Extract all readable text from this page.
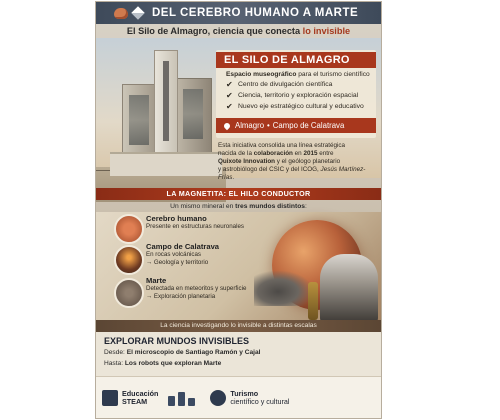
DEL CEREBRO HUMANO A MARTE
El Silo de Almagro, ciencia que conecta lo invisible
EL SILO DE ALMAGRO
Espacio museográfico para el turismo científico
✔ Centro de divulgación científica
✔ Ciencia, territorio y exploración espacial
✔ Nuevo eje estratégico cultural y educativo
Almagro • Campo de Calatrava
Esta iniciativa consolida una línea estratégica
nacida de la colaboración en 2015 entre
Quixote Innovation y el geólogo planetario
y astrobiólogo del CSIC y del ICOG, Jesús Martínez-Frías.
LA MAGNETITA: EL HILO CONDUCTOR
Un mismo mineral en tres mundos distintos:
Cerebro humano
Presente en estructuras neuronales
Campo de Calatrava
En rocas volcánicas
→ Geología y territorio
Marte
Detectada en meteoritos y superficie
→ Exploración planetaria
La ciencia investigando lo invisible a distintas escalas
EXPLORAR MUNDOS INVISIBLES
Desde: El microscopio de Santiago Ramón y Cajal
Hasta: Los robots que exploran Marte
Educación
STEAM
Turismo
científico y cultural
